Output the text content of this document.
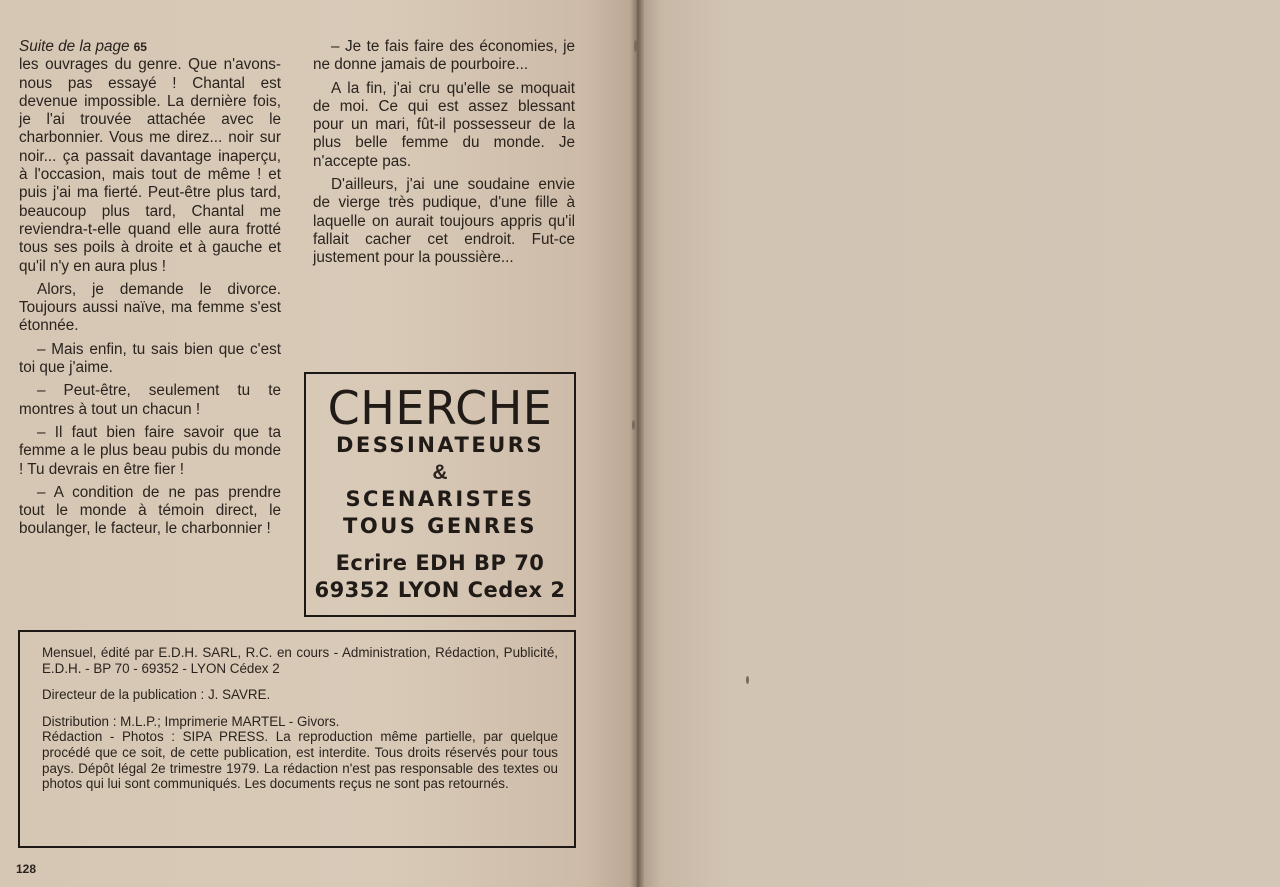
Suite de la page 65

les ouvrages du genre. Que n'avons-nous pas essayé ! Chantal est devenue impossible. La dernière fois, je l'ai trouvée attachée avec le charbonnier. Vous me direz... noir sur noir... ça passait davantage inaperçu, à l'occasion, mais tout de même ! et puis j'ai ma fierté. Peut-être plus tard, beaucoup plus tard, Chantal me reviendra-t-elle quand elle aura frotté tous ses poils à droite et à gauche et qu'il n'y en aura plus !

Alors, je demande le divorce. Toujours aussi naïve, ma femme s'est étonnée.

– Mais enfin, tu sais bien que c'est toi que j'aime.

– Peut-être, seulement tu te montres à tout un chacun !

– Il faut bien faire savoir que ta femme a le plus beau pubis du monde ! Tu devrais en être fier !

– A condition de ne pas prendre tout le monde à témoin direct, le boulanger, le facteur, le charbonnier !

– Je te fais faire des économies, je ne donne jamais de pourboire...

A la fin, j'ai cru qu'elle se moquait de moi. Ce qui est assez blessant pour un mari, fût-il possesseur de la plus belle femme du monde. Je n'accepte pas.

D'ailleurs, j'ai une soudaine envie de vierge très pudique, d'une fille à laquelle on aurait toujours appris qu'il fallait cacher cet endroit. Fut-ce justement pour la poussière...

CHERCHE
DESSINATEURS
&
SCENARISTES
TOUS GENRES
Ecrire EDH BP 70
69352 LYON Cedex 2

Mensuel, édité par E.D.H. SARL, R.C. en cours - Administration, Rédaction, Publicité, E.D.H. - BP 70 - 69352 - LYON Cédex 2

Directeur de la publication : J. SAVRE.

Distribution : M.L.P.; Imprimerie MARTEL - Givors.

Rédaction - Photos : SIPA PRESS. La reproduction même partielle, par quelque procédé que ce soit, de cette publication, est interdite. Tous droits réservés pour tous pays. Dépôt légal 2e trimestre 1979. La rédaction n'est pas responsable des textes ou photos qui lui sont communiqués. Les documents reçus ne sont pas retournés.

128
